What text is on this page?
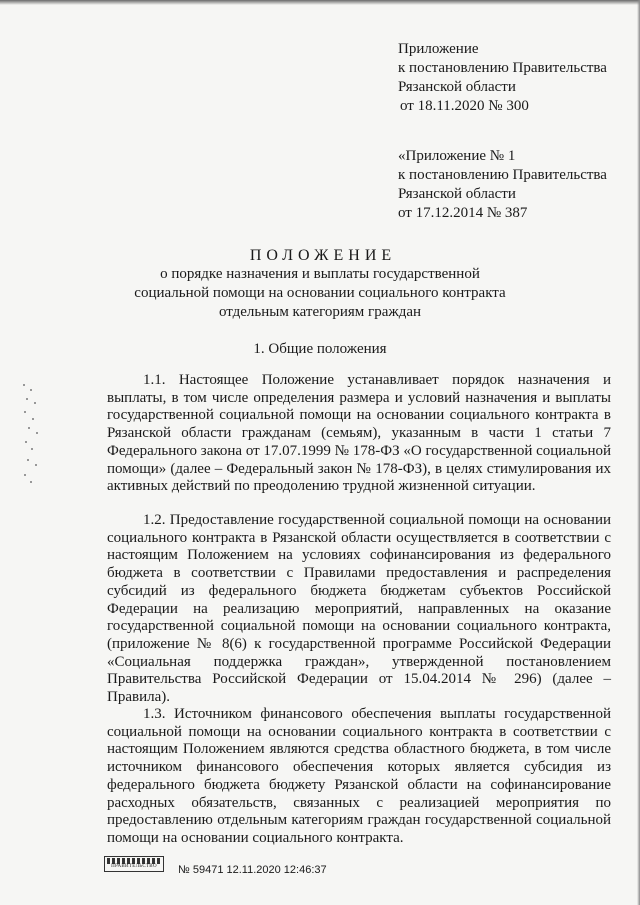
Приложение
к постановлению Правительства
Рязанской области
от 18.11.2020 № 300
«Приложение № 1
к постановлению Правительства
Рязанской области
от 17.12.2014 № 387
ПОЛОЖЕНИЕ
о порядке назначения и выплаты государственной
социальной помощи на основании социального контракта
отдельным категориям граждан
1. Общие положения

1.1. Настоящее Положение устанавливает порядок назначения и выплаты, в том числе определения размера и условий назначения и выплаты государственной социальной помощи на основании социального контракта в Рязанской области гражданам (семьям), указанным в части 1 статьи 7 Федерального закона от 17.07.1999 № 178-ФЗ «О государственной социальной помощи» (далее – Федеральный закон № 178-ФЗ), в целях стимулирования их активных действий по преодолению трудной жизненной ситуации.

1.2. Предоставление государственной социальной помощи на основании социального контракта в Рязанской области осуществляется в соответствии с настоящим Положением на условиях софинансирования из федерального бюджета в соответствии с Правилами предоставления и распределения субсидий из федерального бюджета бюджетам субъектов Российской Федерации на реализацию мероприятий, направленных на оказание государственной социальной помощи на основании социального контракта, (приложение № 8(6) к государственной программе Российской Федерации «Социальная поддержка граждан», утвержденной постановлением Правительства Российской Федерации от 15.04.2014 № 296) (далее – Правила).

1.3. Источником финансового обеспечения выплаты государственной социальной помощи на основании социального контракта в соответствии с настоящим Положением являются средства областного бюджета, в том числе источником финансового обеспечения которых является субсидия из федерального бюджета бюджету Рязанской области на софинансирование расходных обязательств, связанных с реализацией мероприятия по предоставлению отдельным категориям граждан государственной социальной помощи на основании социального контракта.

ПРАВИТЕЛЬСТВО	№ 59471 12.11.2020 12:46:37
